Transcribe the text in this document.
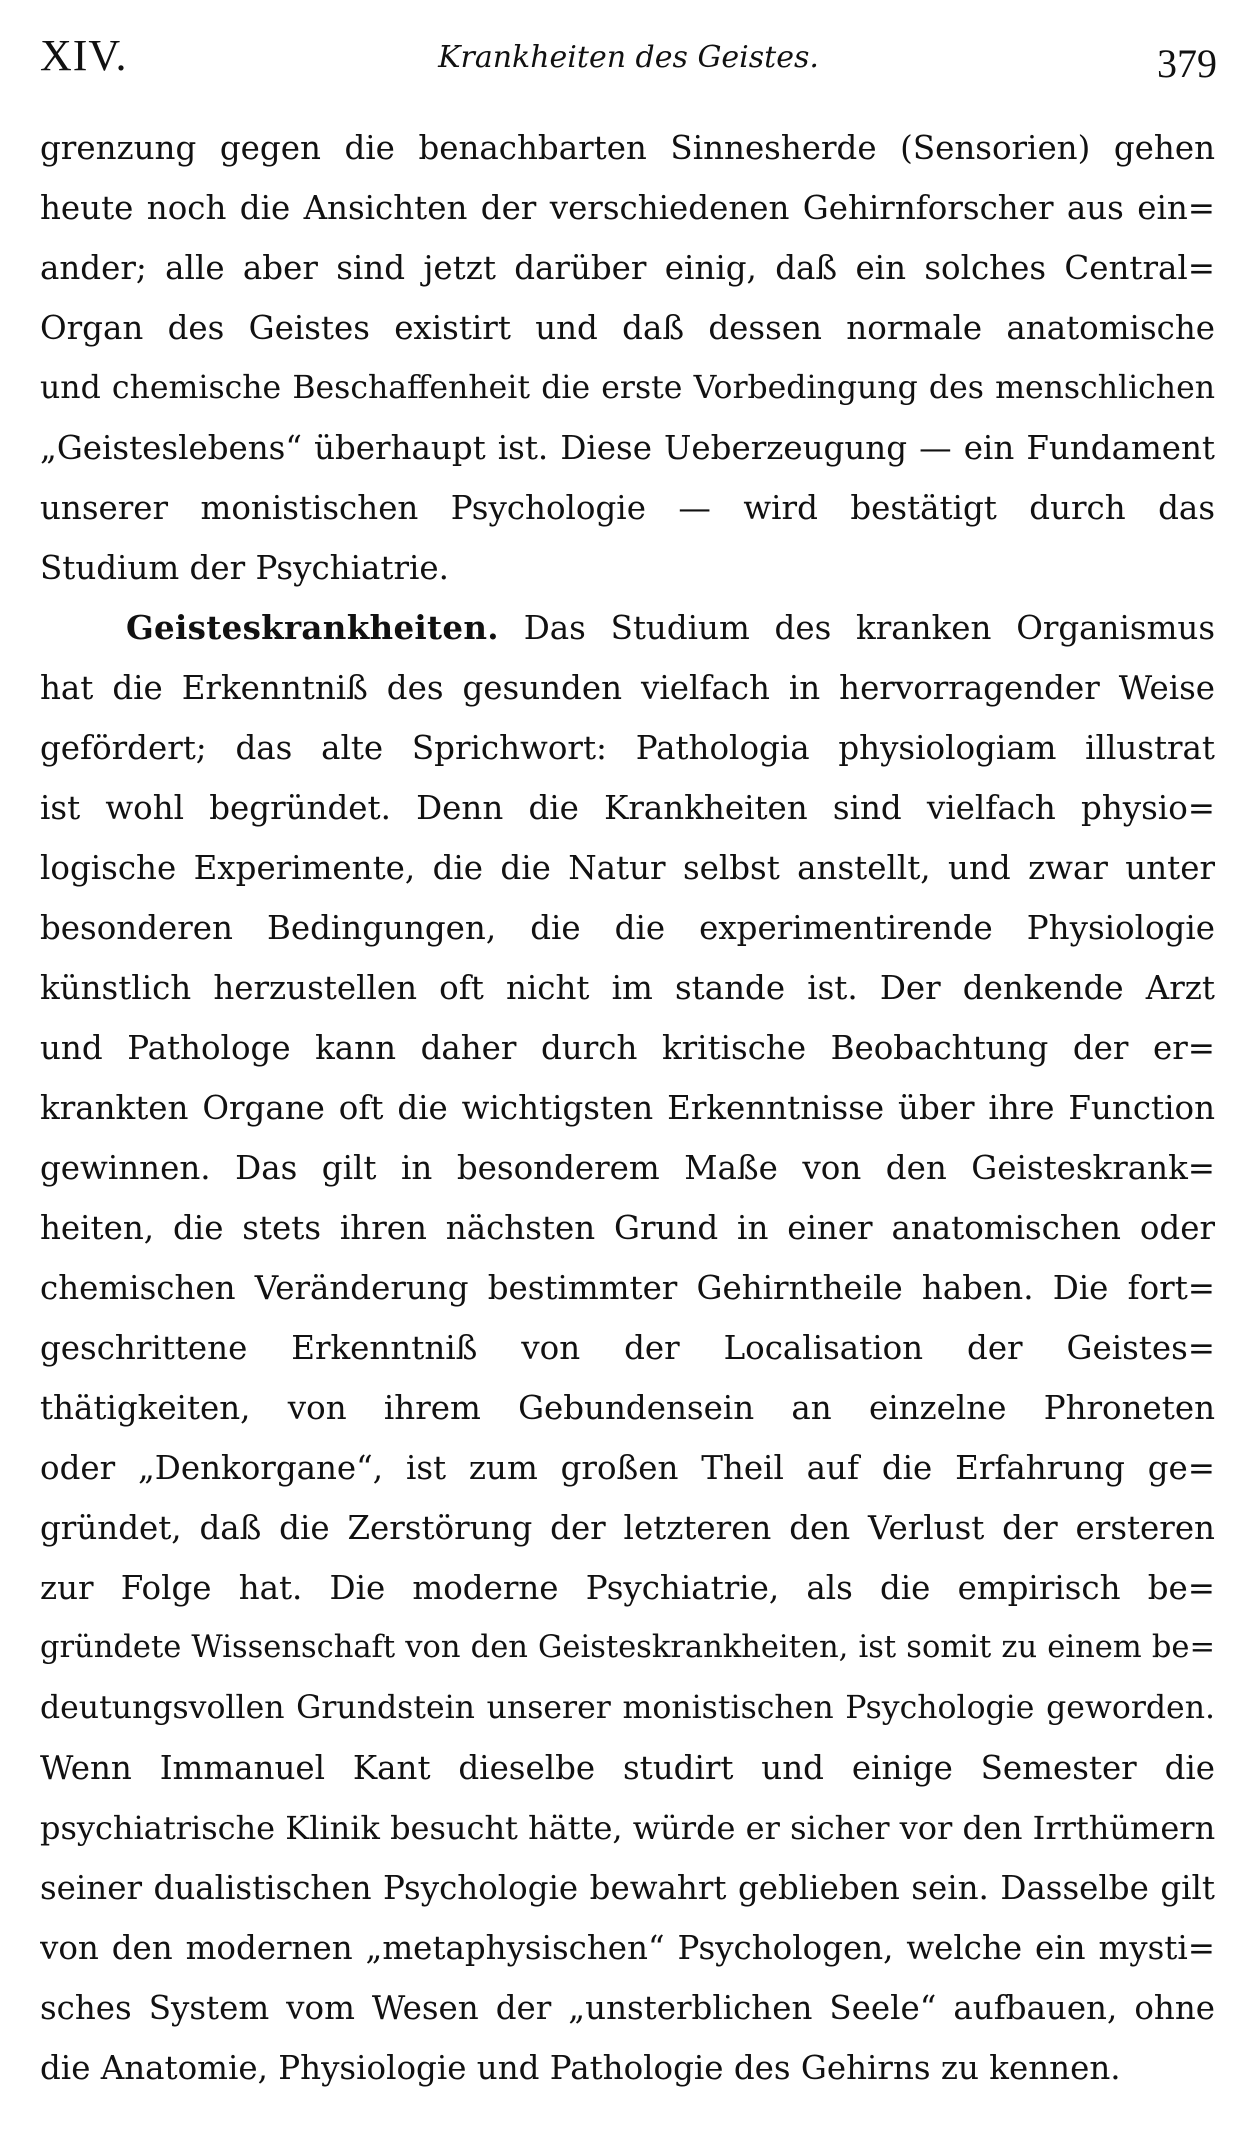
XIV.	Krankheiten des Geistes.	379
grenzung gegen die benachbarten Sinnesherde (Sensorien) gehen
heute noch die Ansichten der verschiedenen Gehirnforscher aus ein=
ander; alle aber sind jetzt darüber einig, daß ein solches Central=
Organ des Geistes existirt und daß dessen normale anatomische
und chemische Beschaffenheit die erste Vorbedingung des menschlichen
„Geisteslebens“ überhaupt ist. Diese Ueberzeugung — ein Fundament
unserer monistischen Psychologie — wird bestätigt durch das
Studium der Psychiatrie.
Geisteskrankheiten. Das Studium des kranken Organismus
hat die Erkenntniß des gesunden vielfach in hervorragender Weise
gefördert; das alte Sprichwort: Pathologia physiologiam illustrat
ist wohl begründet. Denn die Krankheiten sind vielfach physio=
logische Experimente, die die Natur selbst anstellt, und zwar unter
besonderen Bedingungen, die die experimentirende Physiologie
künstlich herzustellen oft nicht im stande ist. Der denkende Arzt
und Pathologe kann daher durch kritische Beobachtung der er=
krankten Organe oft die wichtigsten Erkenntnisse über ihre Function
gewinnen. Das gilt in besonderem Maße von den Geisteskrank=
heiten, die stets ihren nächsten Grund in einer anatomischen oder
chemischen Veränderung bestimmter Gehirntheile haben. Die fort=
geschrittene Erkenntniß von der Localisation der Geistes=
thätigkeiten, von ihrem Gebundensein an einzelne Phroneten
oder „Denkorgane“, ist zum großen Theil auf die Erfahrung ge=
gründet, daß die Zerstörung der letzteren den Verlust der ersteren
zur Folge hat. Die moderne Psychiatrie, als die empirisch be=
gründete Wissenschaft von den Geisteskrankheiten, ist somit zu einem be=
deutungsvollen Grundstein unserer monistischen Psychologie geworden.
Wenn Immanuel Kant dieselbe studirt und einige Semester die
psychiatrische Klinik besucht hätte, würde er sicher vor den Irrthümern
seiner dualistischen Psychologie bewahrt geblieben sein. Dasselbe gilt
von den modernen „metaphysischen“ Psychologen, welche ein mysti=
sches System vom Wesen der „unsterblichen Seele“ aufbauen, ohne
die Anatomie, Physiologie und Pathologie des Gehirns zu kennen.
